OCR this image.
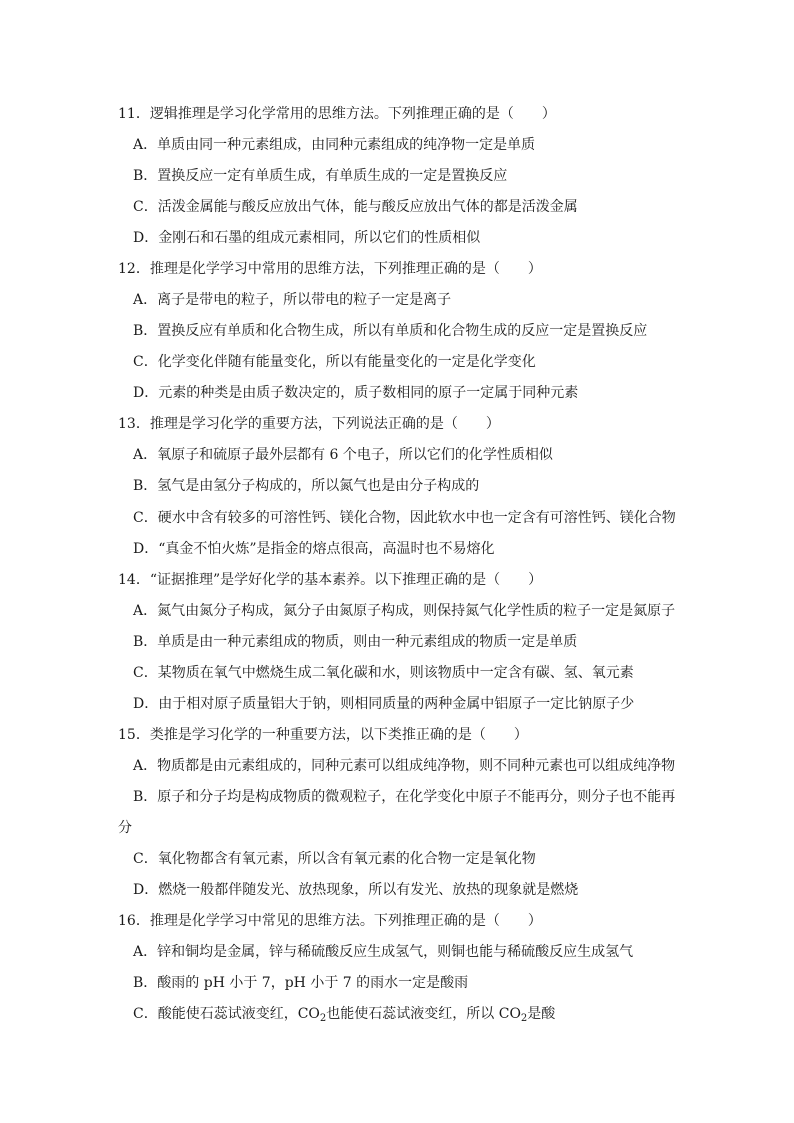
11．逻辑推理是学习化学常用的思维方法。下列推理正确的是（　　）
A．单质由同一种元素组成，由同种元素组成的纯净物一定是单质
B．置换反应一定有单质生成，有单质生成的一定是置换反应
C．活泼金属能与酸反应放出气体，能与酸反应放出气体的都是活泼金属
D．金刚石和石墨的组成元素相同，所以它们的性质相似
12．推理是化学学习中常用的思维方法，下列推理正确的是（　　）
A．离子是带电的粒子，所以带电的粒子一定是离子
B．置换反应有单质和化合物生成，所以有单质和化合物生成的反应一定是置换反应
C．化学变化伴随有能量变化，所以有能量变化的一定是化学变化
D．元素的种类是由质子数决定的，质子数相同的原子一定属于同种元素
13．推理是学习化学的重要方法，下列说法正确的是（　　）
A．氧原子和硫原子最外层都有 6 个电子，所以它们的化学性质相似
B．氢气是由氢分子构成的，所以氮气也是由分子构成的
C．硬水中含有较多的可溶性钙、镁化合物，因此软水中也一定含有可溶性钙、镁化合物
D．“真金不怕火炼”是指金的熔点很高，高温时也不易熔化
14．“证据推理”是学好化学的基本素养。以下推理正确的是（　　）
A．氮气由氮分子构成，氮分子由氮原子构成，则保持氮气化学性质的粒子一定是氮原子
B．单质是由一种元素组成的物质，则由一种元素组成的物质一定是单质
C．某物质在氧气中燃烧生成二氧化碳和水，则该物质中一定含有碳、氢、氧元素
D．由于相对原子质量铝大于钠，则相同质量的两种金属中铝原子一定比钠原子少
15．类推是学习化学的一种重要方法，以下类推正确的是（　　）
A．物质都是由元素组成的，同种元素可以组成纯净物，则不同种元素也可以组成纯净物
B．原子和分子均是构成物质的微观粒子，在化学变化中原子不能再分，则分子也不能再
分
C．氧化物都含有氧元素，所以含有氧元素的化合物一定是氧化物
D．燃烧一般都伴随发光、放热现象，所以有发光、放热的现象就是燃烧
16．推理是化学学习中常见的思维方法。下列推理正确的是（　　）
A．锌和铜均是金属，锌与稀硫酸反应生成氢气，则铜也能与稀硫酸反应生成氢气
B．酸雨的 pH 小于 7，pH 小于 7 的雨水一定是酸雨
C．酸能使石蕊试液变红，$CO_2$也能使石蕊试液变红，所以 $CO_2$是酸
